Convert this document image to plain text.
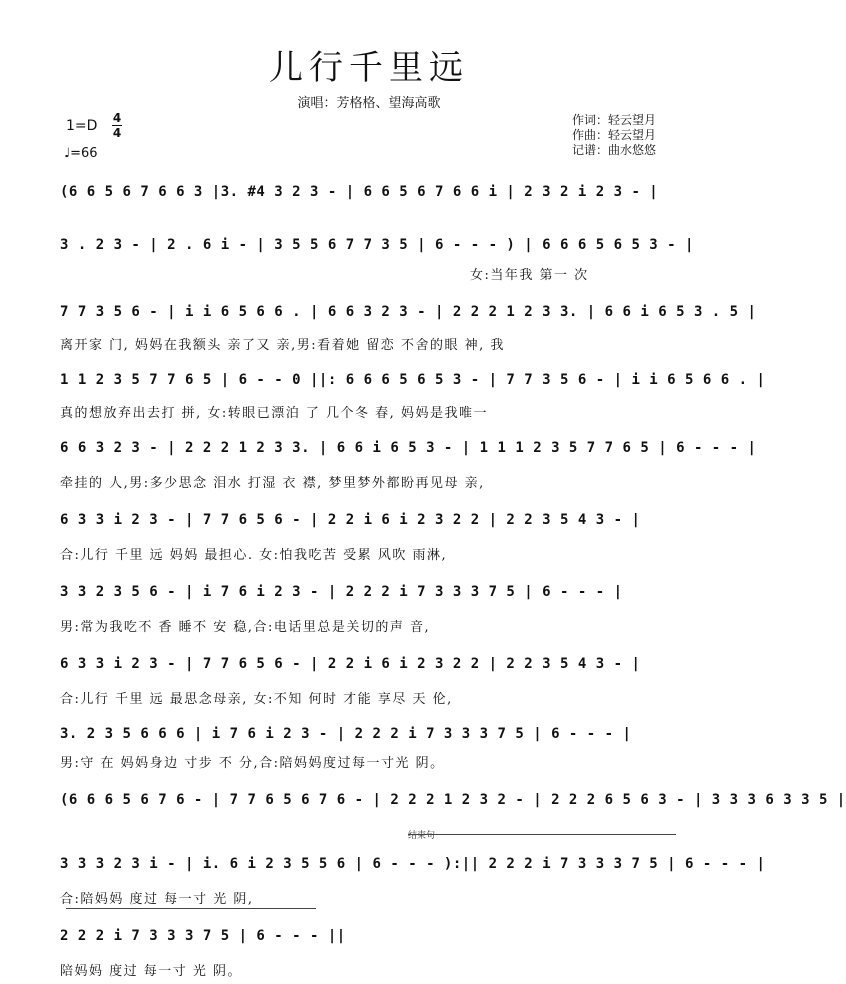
儿行千里远
演唱：芳格格、望海高歌
1=D 4
4
♩=66
作词：轻云望月
作曲：轻云望月
记谱：曲水悠悠
(6 6 5 6 7 6 6 3 |3. #4 3 2 3 - | 6 6 5 6 7 6 6 i | 2 3 2 i 2 3 - |
3 . 2 3 - | 2 . 6 i - | 3 5 5 6 7 7 3 5 | 6 - - - ) | 6 6 6 5 6 5 3 - |
女:当年我 第一 次
7 7 3 5 6 - | i i 6 5 6 6 . | 6 6 3 2 3 - | 2 2 2 1 2 3 3. | 6 6 i 6 5 3 . 5 |
离开家 门, 妈妈在我额头 亲了又 亲,男:看着她 留恋 不舍的眼 神, 我
1 1 2 3 5 7 7 6 5 | 6 - - 0 ||: 6 6 6 5 6 5 3 - | 7 7 3 5 6 - | i i 6 5 6 6 . |
真的想放弃出去打 拼, 女:转眼已漂泊 了 几个冬 春, 妈妈是我唯一
6 6 3 2 3 - | 2 2 2 1 2 3 3. | 6 6 i 6 5 3 - | 1 1 1 2 3 5 7 7 6 5 | 6 - - - |
牵挂的 人,男:多少思念 泪水 打湿 衣 襟, 梦里梦外都盼再见母 亲,
6 3 3 i 2 3 - | 7 7 6 5 6 - | 2 2 i 6 i 2 3 2 2 | 2 2 3 5 4 3 - |
合:儿行 千里 远 妈妈 最担心. 女:怕我吃苦 受累 风吹 雨淋,
3 3 2 3 5 6 - | i 7 6 i 2 3 - | 2 2 2 i 7 3 3 3 7 5 | 6 - - - |
男:常为我吃不 香 睡不 安 稳,合:电话里总是关切的声 音,
6 3 3 i 2 3 - | 7 7 6 5 6 - | 2 2 i 6 i 2 3 2 2 | 2 2 3 5 4 3 - |
合:儿行 千里 远 最思念母亲, 女:不知 何时 才能 享尽 天 伦,
3. 2 3 5 6 6 6 | i 7 6 i 2 3 - | 2 2 2 i 7 3 3 3 7 5 | 6 - - - |
男:守 在 妈妈身边 寸步 不 分,合:陪妈妈度过每一寸光 阴。
(6 6 6 5 6 7 6 - | 7 7 6 5 6 7 6 - | 2 2 2 1 2 3 2 - | 2 2 2 6 5 6 3 - | 3 3 3 6 3 3 5 |
结束句
3 3 3 2 3 i - | i. 6 i 2 3 5 5 6 | 6 - - - ):|| 2 2 2 i 7 3 3 3 7 5 | 6 - - - |
合:陪妈妈 度过 每一寸 光 阴,
2 2 2 i 7 3 3 3 7 5 | 6 - - - ||
陪妈妈 度过 每一寸 光 阴。
